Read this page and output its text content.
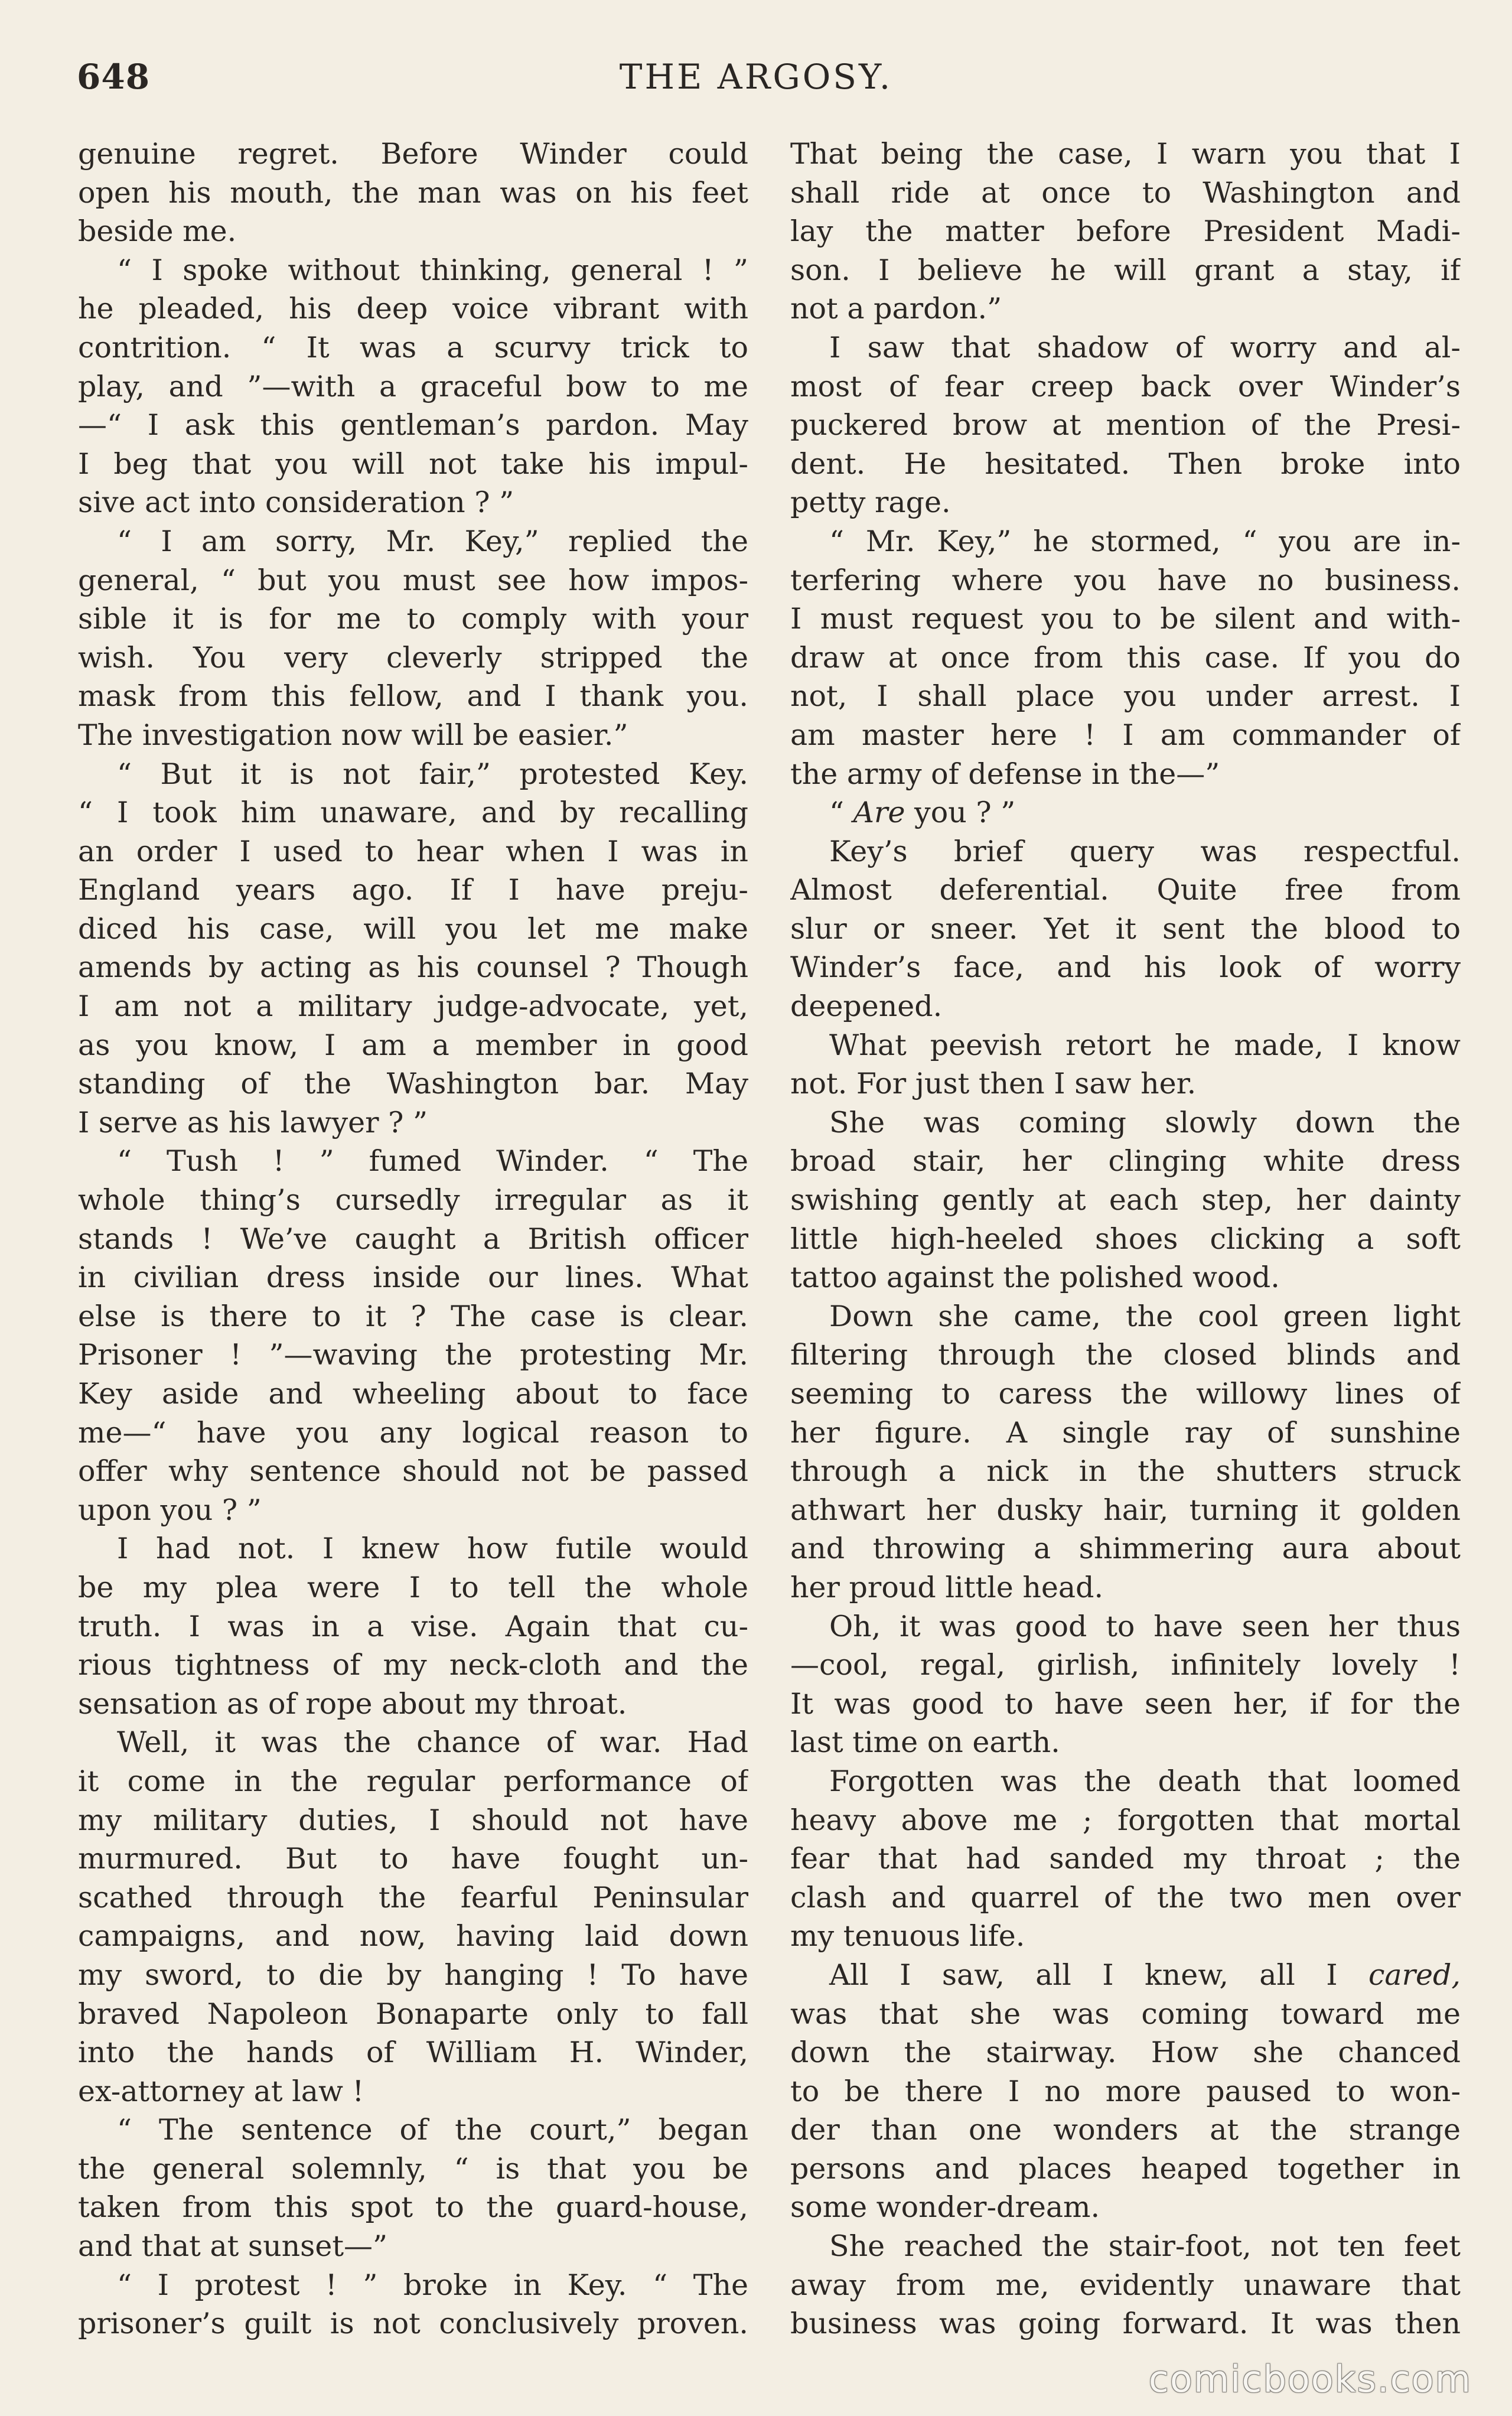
648	THE ARGOSY.
genuine regret. Before Winder could
open his mouth, the man was on his feet
beside me.
“ I spoke without thinking, general ! ”
he pleaded, his deep voice vibrant with
contrition. “ It was a scurvy trick to
play, and ”—with a graceful bow to me
—“ I ask this gentleman’s pardon. May
I beg that you will not take his impul-
sive act into consideration ? ”
“ I am sorry, Mr. Key,” replied the
general, “ but you must see how impos-
sible it is for me to comply with your
wish. You very cleverly stripped the
mask from this fellow, and I thank you.
The investigation now will be easier.”
“ But it is not fair,” protested Key.
“ I took him unaware, and by recalling
an order I used to hear when I was in
England years ago. If I have preju-
diced his case, will you let me make
amends by acting as his counsel ? Though
I am not a military judge-advocate, yet,
as you know, I am a member in good
standing of the Washington bar. May
I serve as his lawyer ? ”
“ Tush ! ” fumed Winder. “ The
whole thing’s cursedly irregular as it
stands ! We’ve caught a British officer
in civilian dress inside our lines. What
else is there to it ? The case is clear.
Prisoner ! ”—waving the protesting Mr.
Key aside and wheeling about to face
me—“ have you any logical reason to
offer why sentence should not be passed
upon you ? ”
I had not. I knew how futile would
be my plea were I to tell the whole
truth. I was in a vise. Again that cu-
rious tightness of my neck-cloth and the
sensation as of rope about my throat.
Well, it was the chance of war. Had
it come in the regular performance of
my military duties, I should not have
murmured. But to have fought un-
scathed through the fearful Peninsular
campaigns, and now, having laid down
my sword, to die by hanging ! To have
braved Napoleon Bonaparte only to fall
into the hands of William H. Winder,
ex-attorney at law !
“ The sentence of the court,” began
the general solemnly, “ is that you be
taken from this spot to the guard-house,
and that at sunset—”
“ I protest ! ” broke in Key. “ The
prisoner’s guilt is not conclusively proven.
That being the case, I warn you that I
shall ride at once to Washington and
lay the matter before President Madi-
son. I believe he will grant a stay, if
not a pardon.”
I saw that shadow of worry and al-
most of fear creep back over Winder’s
puckered brow at mention of the Presi-
dent. He hesitated. Then broke into
petty rage.
“ Mr. Key,” he stormed, “ you are in-
terfering where you have no business.
I must request you to be silent and with-
draw at once from this case. If you do
not, I shall place you under arrest. I
am master here ! I am commander of
the army of defense in the—”
“ Are you ? ”
Key’s brief query was respectful.
Almost deferential. Quite free from
slur or sneer. Yet it sent the blood to
Winder’s face, and his look of worry
deepened.
What peevish retort he made, I know
not. For just then I saw her.
She was coming slowly down the
broad stair, her clinging white dress
swishing gently at each step, her dainty
little high-heeled shoes clicking a soft
tattoo against the polished wood.
Down she came, the cool green light
filtering through the closed blinds and
seeming to caress the willowy lines of
her figure. A single ray of sunshine
through a nick in the shutters struck
athwart her dusky hair, turning it golden
and throwing a shimmering aura about
her proud little head.
Oh, it was good to have seen her thus
—cool, regal, girlish, infinitely lovely !
It was good to have seen her, if for the
last time on earth.
Forgotten was the death that loomed
heavy above me ; forgotten that mortal
fear that had sanded my throat ; the
clash and quarrel of the two men over
my tenuous life.
All I saw, all I knew, all I cared,
was that she was coming toward me
down the stairway. How she chanced
to be there I no more paused to won-
der than one wonders at the strange
persons and places heaped together in
some wonder-dream.
She reached the stair-foot, not ten feet
away from me, evidently unaware that
business was going forward. It was then
comicbooks.com
